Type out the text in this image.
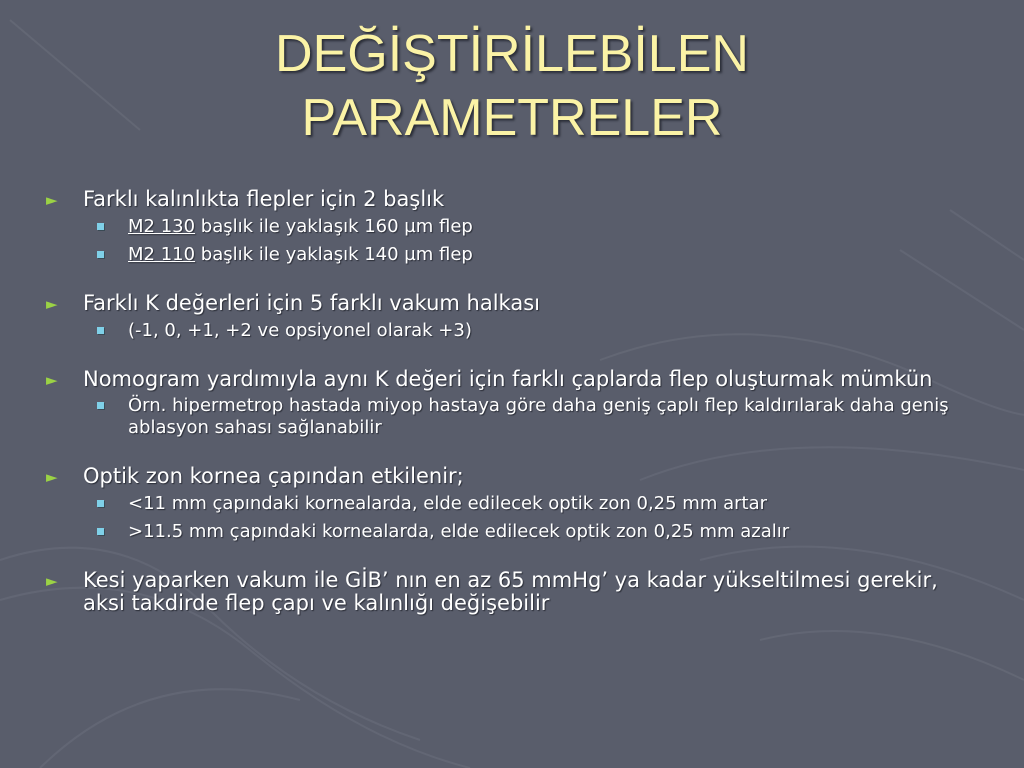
DEĞİŞTİRİLEBİLEN
PARAMETRELER
► Farklı kalınlıkta flepler için 2 başlık
M2 130 başlık ile yaklaşık 160 µm flep
M2 110 başlık ile yaklaşık 140 µm flep
► Farklı K değerleri için 5 farklı vakum halkası
(-1, 0, +1, +2 ve opsiyonel olarak +3)
► Nomogram yardımıyla aynı K değeri için farklı çaplarda flep oluşturmak mümkün
Örn. hipermetrop hastada miyop hastaya göre daha geniş çaplı flep kaldırılarak daha geniş ablasyon sahası sağlanabilir
► Optik zon kornea çapından etkilenir;
<11 mm çapındaki kornealarda, elde edilecek optik zon 0,25 mm artar
>11.5 mm çapındaki kornealarda, elde edilecek optik zon 0,25 mm azalır
► Kesi yaparken vakum ile GİB’ nın en az 65 mmHg’ ya kadar yükseltilmesi gerekir, aksi takdirde flep çapı ve kalınlığı değişebilir
